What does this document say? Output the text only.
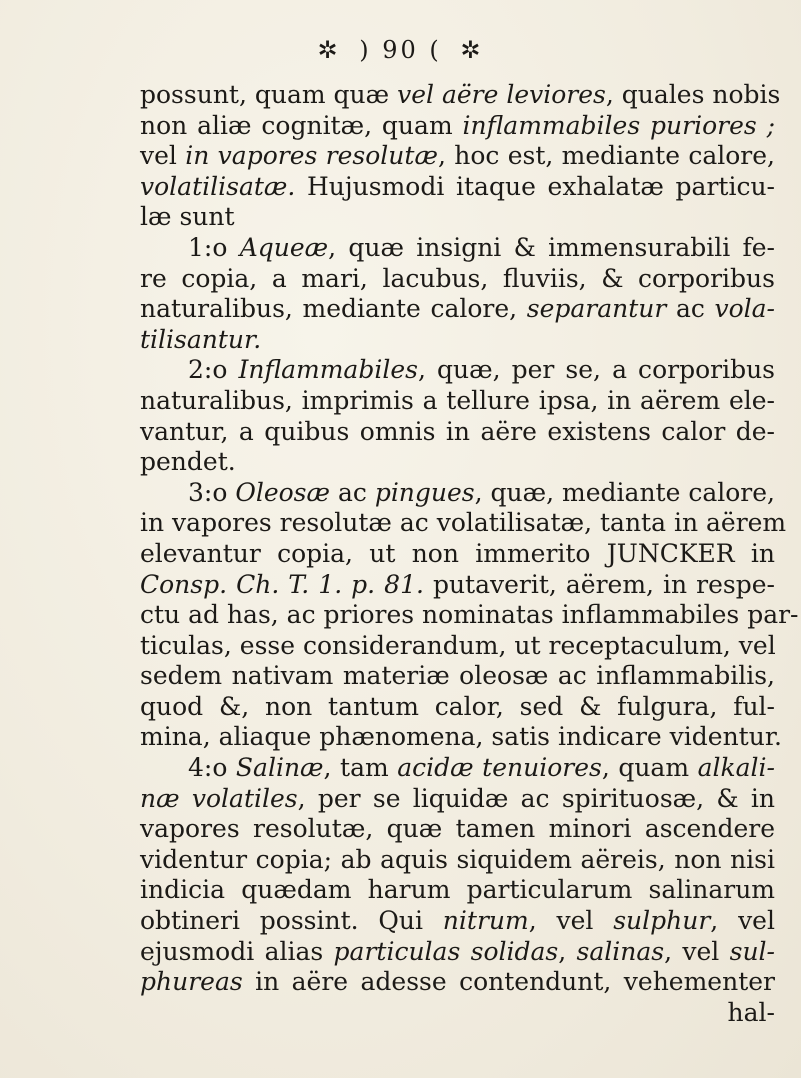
✲ ) 90 ( ✲
possunt, quam quæ vel aëre leviores, quales nobis
non aliæ cognitæ, quam inflammabiles puriores ;
vel in vapores resolutæ, hoc est, mediante calore,
volatilisatæ. Hujusmodi itaque exhalatæ particu-
læ sunt
1:o Aqueæ, quæ insigni & immensurabili fe-
re copia, a mari, lacubus, fluviis, & corporibus
naturalibus, mediante calore, separantur ac vola-
tilisantur.
2:o Inflammabiles, quæ, per se, a corporibus
naturalibus, imprimis a tellure ipsa, in aërem ele-
vantur, a quibus omnis in aëre existens calor de-
pendet.
3:o Oleosæ ac pingues, quæ, mediante calore,
in vapores resolutæ ac volatilisatæ, tanta in aërem
elevantur copia, ut non immerito JUNCKER in
Consp. Ch. T. 1. p. 81. putaverit, aërem, in respe-
ctu ad has, ac priores nominatas inflammabiles par-
ticulas, esse considerandum, ut receptaculum, vel
sedem nativam materiæ oleosæ ac inflammabilis,
quod &, non tantum calor, sed & fulgura, ful-
mina, aliaque phænomena, satis indicare videntur.
4:o Salinæ, tam acidæ tenuiores, quam alkali-
næ volatiles, per se liquidæ ac spirituosæ, & in
vapores resolutæ, quæ tamen minori ascendere
videntur copia; ab aquis siquidem aëreis, non nisi
indicia quædam harum particularum salinarum
obtineri possint. Qui nitrum, vel sulphur, vel
ejusmodi alias particulas solidas, salinas, vel sul-
phureas in aëre adesse contendunt, vehementer
hal-
